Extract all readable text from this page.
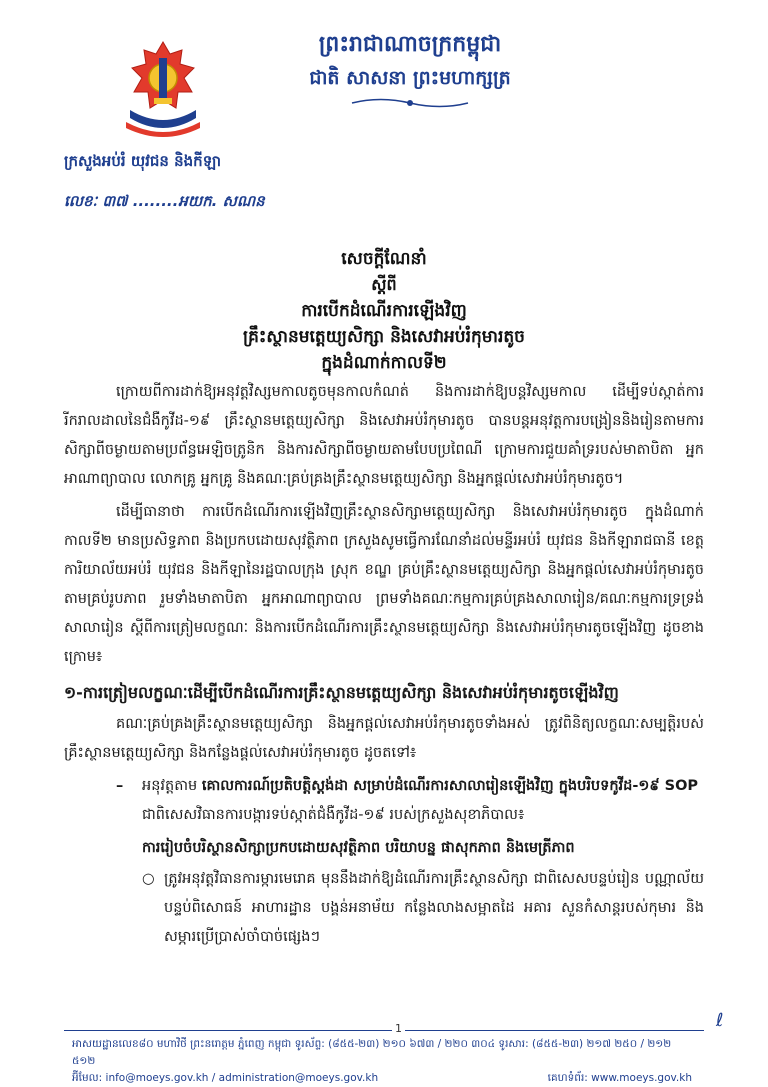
ព្រះរាជាណាចក្រកម្ពុជា
ជាតិ សាសនា ព្រះមហាក្សត្រ
ក្រសួងអប់រំ យុវជន និងកីឡា
លេខៈ ៣៧ ........អយក. សណន
សេចក្តីណែនាំ
ស្តីពី
ការបើកដំណើរការឡើងវិញ
គ្រឹះស្ថានមត្តេយ្យសិក្សា និងសេវាអប់រំកុមារតូច
ក្នុងដំណាក់កាលទី២

ក្រោយពីការដាក់ឱ្យអនុវត្តវិស្សមកាលតូចមុនកាលកំណត់ និងការដាក់ឱ្យបន្តវិស្សមកាល ដើម្បីទប់ស្កាត់ការរីករាលដាលនៃជំងឺកូវីដ-១៩ គ្រឹះស្ថានមត្តេយ្យសិក្សា និងសេវាអប់រំកុមារតូច បានបន្តអនុវត្តការបង្រៀននិងរៀនតាមការសិក្សាពីចម្ងាយតាមប្រព័ន្ធអេឡិចត្រូនិក និងការសិក្សាពីចម្ងាយតាមបែបប្រពៃណី ក្រោមការជួយគាំទ្ររបស់មាតាបិតា អ្នកអាណាព្យាបាល លោកគ្រូ អ្នកគ្រូ និងគណៈគ្រប់គ្រងគ្រឹះស្ថានមត្តេយ្យសិក្សា និងអ្នកផ្តល់សេវាអប់រំកុមារតូច។

ដើម្បីធានាថា ការបើកដំណើរការឡើងវិញគ្រឹះស្ថានសិក្សាមត្តេយ្យសិក្សា និងសេវាអប់រំកុមារតូច ក្នុងដំណាក់កាលទី២ មានប្រសិទ្ធភាព និងប្រកបដោយសុវត្ថិភាព ក្រសួងសូមធ្វើការណែនាំដល់មន្ទីរអប់រំ យុវជន និងកីឡារាជធានី ខេត្ត ការិយាល័យអប់រំ យុវជន និងកីឡានៃរដ្ឋបាលក្រុង ស្រុក ខណ្ឌ គ្រប់គ្រឹះស្ថានមត្តេយ្យសិក្សា និងអ្នកផ្តល់សេវាអប់រំកុមារតូចតាមគ្រប់រូបភាព រួមទាំងមាតាបិតា អ្នកអាណាព្យាបាល ព្រមទាំងគណៈកម្មការគ្រប់គ្រងសាលារៀន/គណៈកម្មការទ្រទ្រង់សាលារៀន ស្តីពីការត្រៀមលក្ខណៈ និងការបើកដំណើរការគ្រឹះស្ថានមត្តេយ្យសិក្សា និងសេវាអប់រំកុមារតូចឡើងវិញ ដូចខាងក្រោម៖

១-ការត្រៀមលក្ខណៈដើម្បីបើកដំណើរការគ្រឹះស្ថានមត្តេយ្យសិក្សា និងសេវាអប់រំកុមារតូចឡើងវិញ

គណៈគ្រប់គ្រងគ្រឹះស្ថានមត្តេយ្យសិក្សា និងអ្នកផ្តល់សេវាអប់រំកុមារតូចទាំងអស់ ត្រូវពិនិត្យលក្ខណៈសម្បត្តិរបស់គ្រឹះស្ថានមត្តេយ្យសិក្សា និងកន្លែងផ្តល់សេវាអប់រំកុមារតូច ដូចតទៅ៖

–	អនុវត្តតាម គោលការណ៍ប្រតិបត្តិស្តង់ដា សម្រាប់ដំណើរការសាលារៀនឡើងវិញ ក្នុងបរិបទកូវីដ-១៩ SOP ជាពិសេសវិធានការបង្ការទប់ស្កាត់ជំងឺកូវីដ-១៩ របស់ក្រសួងសុខាភិបាល៖
ការរៀបចំបរិស្ថានសិក្សាប្រកបដោយសុវត្ថិភាព បរិយាបន្ន ផាសុកភាព និងមេត្រីភាព
○ ត្រូវអនុវត្តវិធានការម្ការមេរោគ មុននឹងដាក់ឱ្យដំណើរការគ្រឹះស្ថានសិក្សា ជាពិសេសបន្ទប់រៀន បណ្ណាល័យ បន្ទប់ពិសោធន៍ អាហារដ្ឋាន បង្គន់អនាម័យ កន្លែងលាងសម្អាតដៃ អគារ សួនកំសាន្តរបស់កុមារ និងសម្ភារប្រើប្រាស់ចាំបាច់ផ្សេងៗ
1	ℓ
អាសយដ្ឋានលេខ៨០ មហាវិថី ព្រះនរោត្តម ភ្នំពេញ កម្ពុជា ទូរស័ព្ទ: (៨៥៥-២៣) ២១០ ៦៧៣ / ២២០ ៣០៤ ទូរសារ: (៨៥៥-២៣) ២១៧ ២៥០ / ២១២ ៥១២
អ៊ីមែល: info@moeys.gov.kh / administration@moeys.gov.kh	គេហទំព័រ: www.moeys.gov.kh
